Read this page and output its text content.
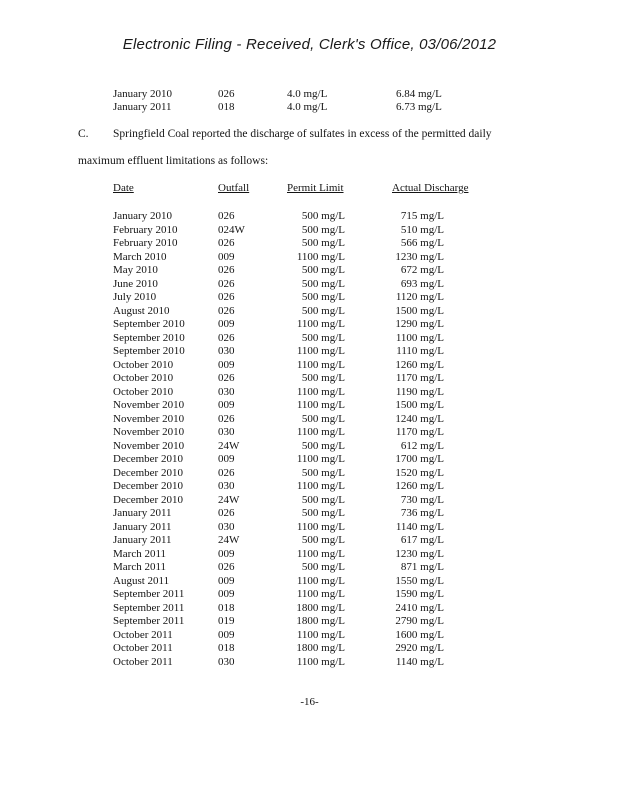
Electronic Filing - Received, Clerk's Office, 03/06/2012
January 2010	026	4.0 mg/L	6.84 mg/L
January 2011	018	4.0 mg/L	6.73 mg/L
C. Springfield Coal reported the discharge of sulfates in excess of the permitted daily
maximum effluent limitations as follows:
Date	Outfall	Permit Limit	Actual Discharge
January 2010	026	500 mg/L	715 mg/L
February 2010	024W	500 mg/L	510 mg/L
February 2010	026	500 mg/L	566 mg/L
March 2010	009	1100 mg/L	1230 mg/L
May 2010	026	500 mg/L	672 mg/L
June 2010	026	500 mg/L	693 mg/L
July 2010	026	500 mg/L	1120 mg/L
August 2010	026	500 mg/L	1500 mg/L
September 2010	009	1100 mg/L	1290 mg/L
September 2010	026	500 mg/L	1100 mg/L
September 2010	030	1100 mg/L	1110 mg/L
October 2010	009	1100 mg/L	1260 mg/L
October 2010	026	500 mg/L	1170 mg/L
October 2010	030	1100 mg/L	1190 mg/L
November 2010	009	1100 mg/L	1500 mg/L
November 2010	026	500 mg/L	1240 mg/L
November 2010	030	1100 mg/L	1170 mg/L
November 2010	24W	500 mg/L	612 mg/L
December 2010	009	1100 mg/L	1700 mg/L
December 2010	026	500 mg/L	1520 mg/L
December 2010	030	1100 mg/L	1260 mg/L
December 2010	24W	500 mg/L	730 mg/L
January 2011	026	500 mg/L	736 mg/L
January 2011	030	1100 mg/L	1140 mg/L
January 2011	24W	500 mg/L	617 mg/L
March 2011	009	1100 mg/L	1230 mg/L
March 2011	026	500 mg/L	871 mg/L
August 2011	009	1100 mg/L	1550 mg/L
September 2011	009	1100 mg/L	1590 mg/L
September 2011	018	1800 mg/L	2410 mg/L
September 2011	019	1800 mg/L	2790 mg/L
October 2011	009	1100 mg/L	1600 mg/L
October 2011	018	1800 mg/L	2920 mg/L
October 2011	030	1100 mg/L	1140 mg/L
-16-
